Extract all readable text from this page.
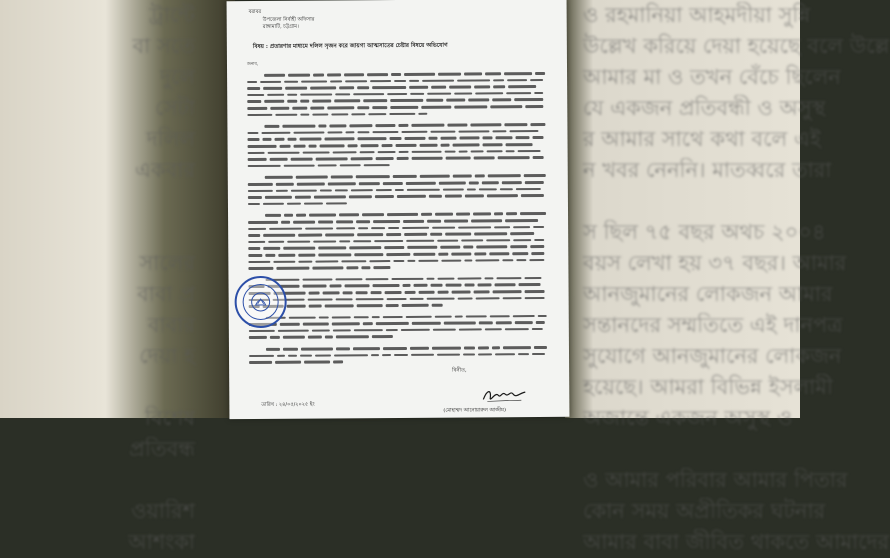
ট্রান্টে
বা সতে
দুলে
সেটা
দলিল
একবার

সালের
বাবা প্র
বাবার
দেয়া হ

বিশেষ
প্রতিবন্ধ

ওয়ারিশ
আশংকা
ও রহমানিয়া আহমদীয়া সুন্নি
উল্লেখ করিয়ে দেয়া হয়েছে বলে উল্লে
আমার মা ও তখন বেঁচে ছিলেন
যে একজন প্রতিবন্ধী ও অসুস্থ
র আমার সাথে কথা বলে এই
ন খবর নেননি। মাতব্বরে তারা

স ছিল ৭৫ বছর অথচ ২০০৪
বয়স লেখা হয় ৩৭ বছর। আমার
আনজুমানের লোকজন আমার
সন্তানদের সম্মতিতে এই দানপত্র
সুযোগে আনজুমানের লোকজন
হয়েছে। আমরা বিভিন্ন ইসলামী
অজান্তে একজন অসুস্থ ও

ও আমার পরিবার আমার পিতার
কোন সময় অপ্রীতিকর ঘটনার
আমার বাবা জীবিত থাকতে আমাদের
বরাবর
উপজেলা নির্বাহী অফিসার
রাঙ্গামাটি, চট্টগ্রাম।
বিষয় : প্রতারণার মাধ্যমে দলিল সৃজন করে জায়গা আত্মসাতের চেষ্টার বিষয়ে অভিযোগ
জনাব,
বিনীত,
তারিখ : ২৪/০৫/২০২৫ ইং
(মোহাম্মদ আনোয়ারুল আজীম)
